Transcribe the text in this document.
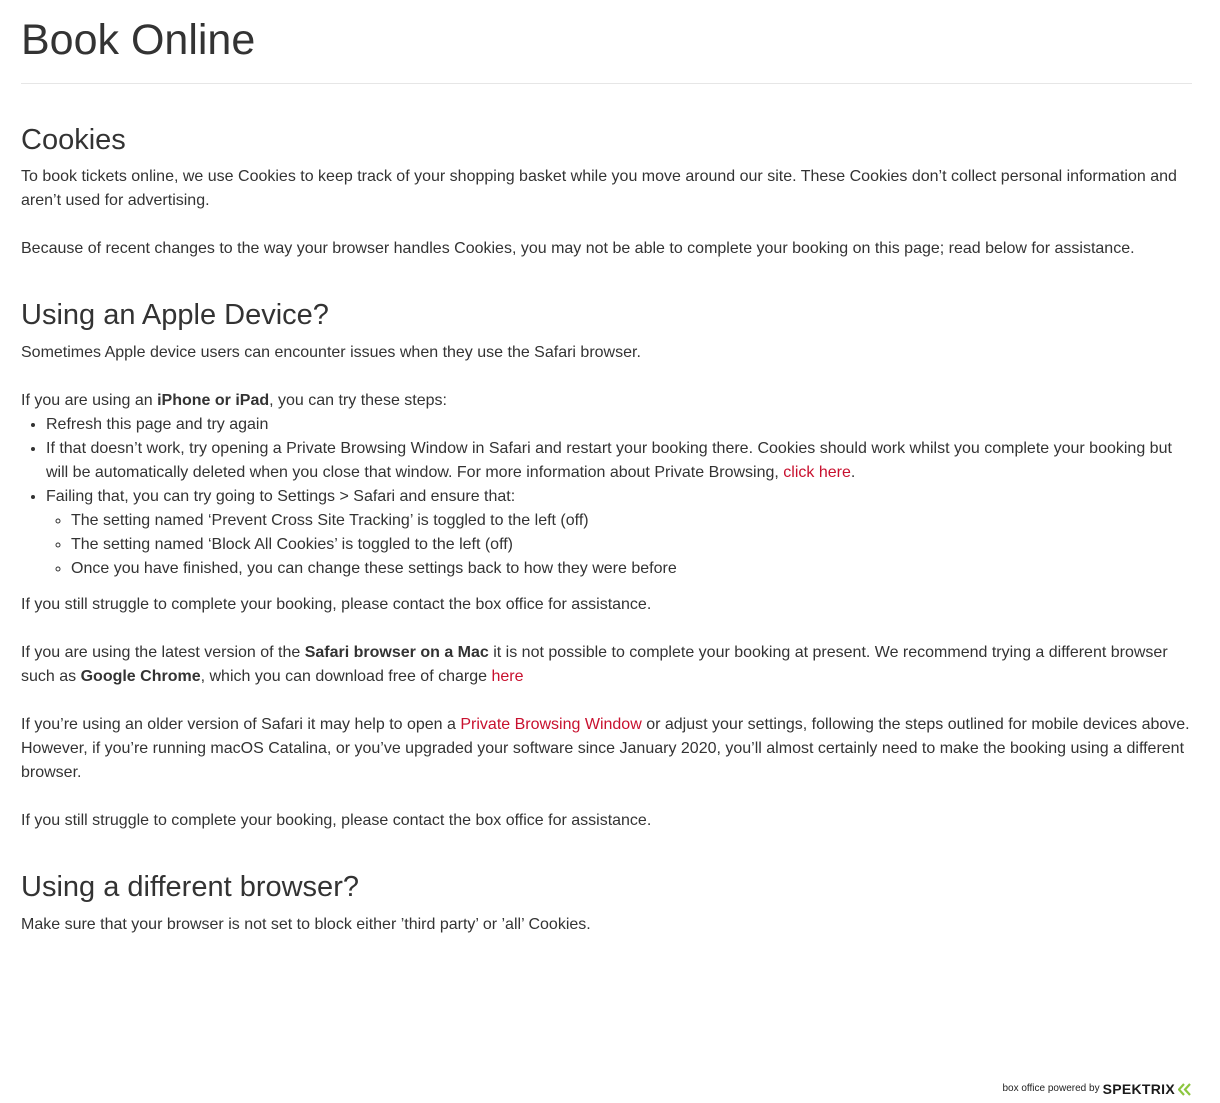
Book Online
Cookies

To book tickets online, we use Cookies to keep track of your shopping basket while you move around our site. These Cookies don’t collect personal information and aren’t used for advertising.

Because of recent changes to the way your browser handles Cookies, you may not be able to complete your booking on this page; read below for assistance.

Using an Apple Device?

Sometimes Apple device users can encounter issues when they use the Safari browser.

If you are using an iPhone or iPad, you can try these steps:

• Refresh this page and try again
• If that doesn’t work, try opening a Private Browsing Window in Safari and restart your booking there. Cookies should work whilst you complete your booking but will be automatically deleted when you close that window. For more information about Private Browsing, click here.
• Failing that, you can try going to Settings > Safari and ensure that:
◦ The setting named ‘Prevent Cross Site Tracking’ is toggled to the left (off)
◦ The setting named ‘Block All Cookies’ is toggled to the left (off)
◦ Once you have finished, you can change these settings back to how they were before

If you still struggle to complete your booking, please contact the box office for assistance.

If you are using the latest version of the Safari browser on a Mac it is not possible to complete your booking at present. We recommend trying a different browser such as Google Chrome, which you can download free of charge here

If you’re using an older version of Safari it may help to open a Private Browsing Window or adjust your settings, following the steps outlined for mobile devices above. However, if you’re running macOS Catalina, or you’ve upgraded your software since January 2020, you’ll almost certainly need to make the booking using a different browser.

If you still struggle to complete your booking, please contact the box office for assistance.

Using a different browser?

Make sure that your browser is not set to block either ’third party’ or ’all’ Cookies.

box office powered by SPEKTRIX
